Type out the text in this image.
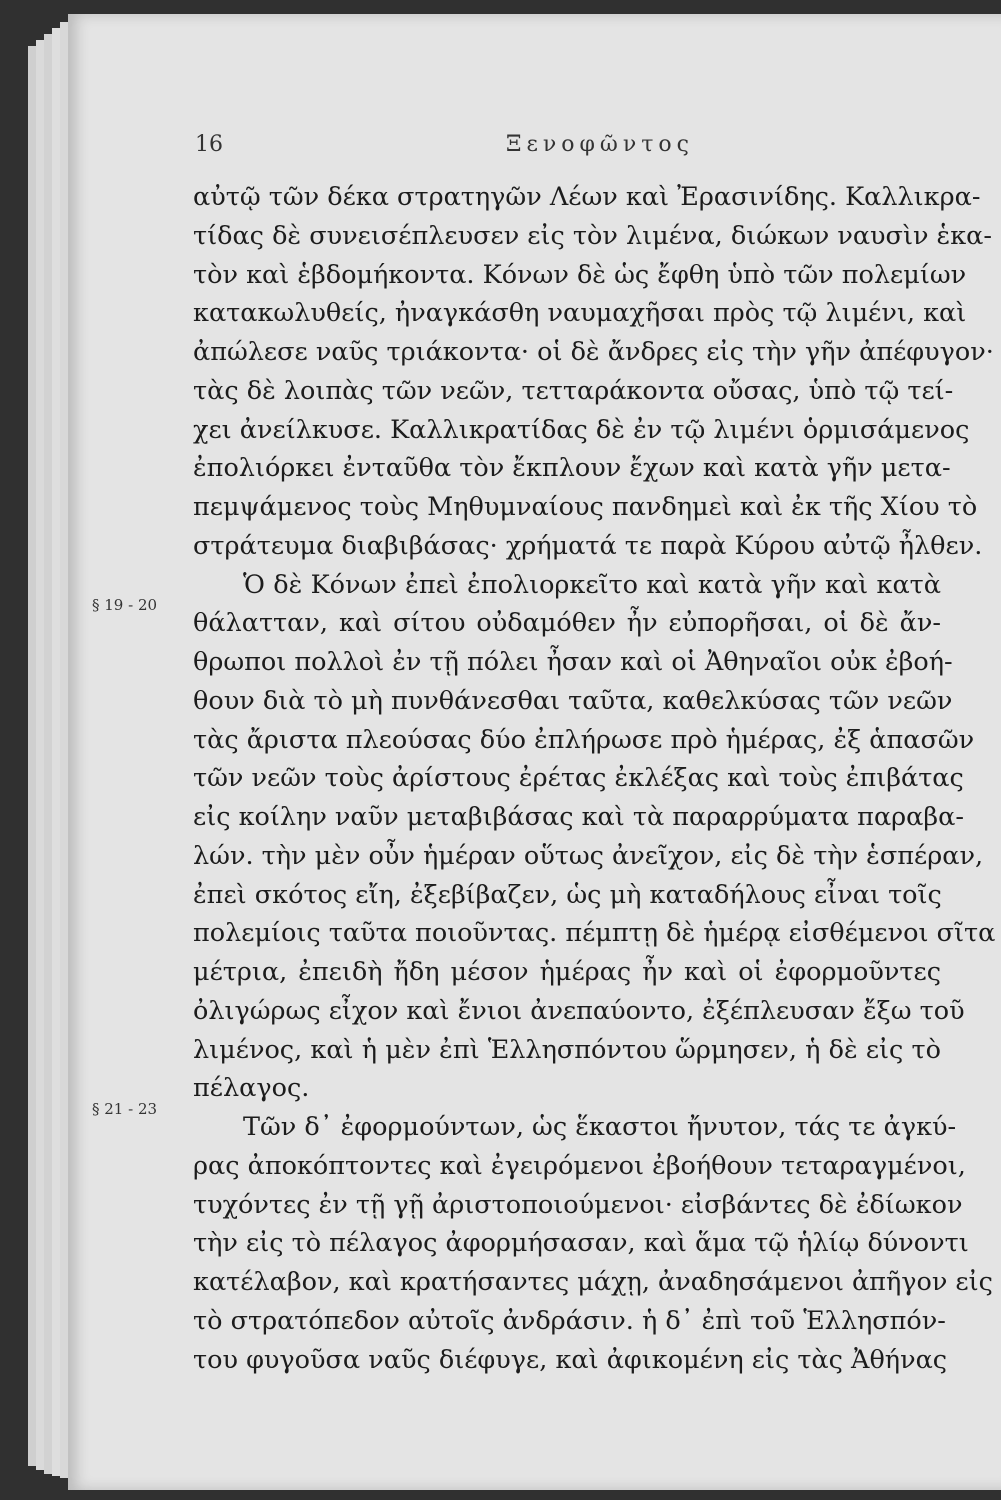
16	Ξενοφῶντος
§ 19 - 20
§ 21 - 23
αὐτῷ τῶν δέκα στρατηγῶν Λέων καὶ Ἐρασινίδης. Καλλικρα-
τίδας δὲ συνεισέπλευσεν εἰς τὸν λιμένα, διώκων ναυσὶν ἑκα-
τὸν καὶ ἑβδομήκοντα. Κόνων δὲ ὡς ἔφθη ὑπὸ τῶν πολεμίων
κατακωλυθείς, ἠναγκάσθη ναυμαχῆσαι πρὸς τῷ λιμένι, καὶ
ἀπώλεσε ναῦς τριάκοντα· οἱ δὲ ἄνδρες εἰς τὴν γῆν ἀπέφυγον·
τὰς δὲ λοιπὰς τῶν νεῶν, τετταράκοντα οὔσας, ὑπὸ τῷ τεί-
χει ἀνείλκυσε. Καλλικρατίδας δὲ ἐν τῷ λιμένι ὁρμισάμενος
ἐπολιόρκει ἐνταῦθα τὸν ἔκπλουν ἔχων καὶ κατὰ γῆν μετα-
πεμψάμενος τοὺς Μηθυμναίους πανδημεὶ καὶ ἐκ τῆς Χίου τὸ
στράτευμα διαβιβάσας· χρήματά τε παρὰ Κύρου αὐτῷ ἦλθεν.
Ὁ δὲ Κόνων ἐπεὶ ἐπολιορκεῖτο καὶ κατὰ γῆν καὶ κατὰ
θάλατταν, καὶ σίτου οὐδαμόθεν ἦν εὐπορῆσαι, οἱ δὲ ἄν-
θρωποι πολλοὶ ἐν τῇ πόλει ἦσαν καὶ οἱ Ἀθηναῖοι οὐκ ἐβοή-
θουν διὰ τὸ μὴ πυνθάνεσθαι ταῦτα, καθελκύσας τῶν νεῶν
τὰς ἄριστα πλεούσας δύο ἐπλήρωσε πρὸ ἡμέρας, ἐξ ἁπασῶν
τῶν νεῶν τοὺς ἀρίστους ἐρέτας ἐκλέξας καὶ τοὺς ἐπιβάτας
εἰς κοίλην ναῦν μεταβιβάσας καὶ τὰ παραρρύματα παραβα-
λών. τὴν μὲν οὖν ἡμέραν οὕτως ἀνεῖχον, εἰς δὲ τὴν ἑσπέραν,
ἐπεὶ σκότος εἴη, ἐξεβίβαζεν, ὡς μὴ καταδήλους εἶναι τοῖς
πολεμίοις ταῦτα ποιοῦντας. πέμπτῃ δὲ ἡμέρᾳ εἰσθέμενοι σῖτα
μέτρια, ἐπειδὴ ἤδη μέσον ἡμέρας ἦν καὶ οἱ ἐφορμοῦντες
ὀλιγώρως εἶχον καὶ ἔνιοι ἀνεπαύοντο, ἐξέπλευσαν ἔξω τοῦ
λιμένος, καὶ ἡ μὲν ἐπὶ Ἑλλησπόντου ὥρμησεν, ἡ δὲ εἰς τὸ
πέλαγος.
Τῶν δ᾽ ἐφορμούντων, ὡς ἕκαστοι ἤνυτον, τάς τε ἀγκύ-
ρας ἀποκόπτοντες καὶ ἐγειρόμενοι ἐβοήθουν τεταραγμένοι,
τυχόντες ἐν τῇ γῇ ἀριστοποιούμενοι· εἰσβάντες δὲ ἐδίωκον
τὴν εἰς τὸ πέλαγος ἀφορμήσασαν, καὶ ἅμα τῷ ἡλίῳ δύνοντι
κατέλαβον, καὶ κρατήσαντες μάχῃ, ἀναδησάμενοι ἀπῆγον εἰς
τὸ στρατόπεδον αὐτοῖς ἀνδράσιν. ἡ δ᾽ ἐπὶ τοῦ Ἑλλησπόν-
του φυγοῦσα ναῦς διέφυγε, καὶ ἀφικομένη εἰς τὰς Ἀθήνας
